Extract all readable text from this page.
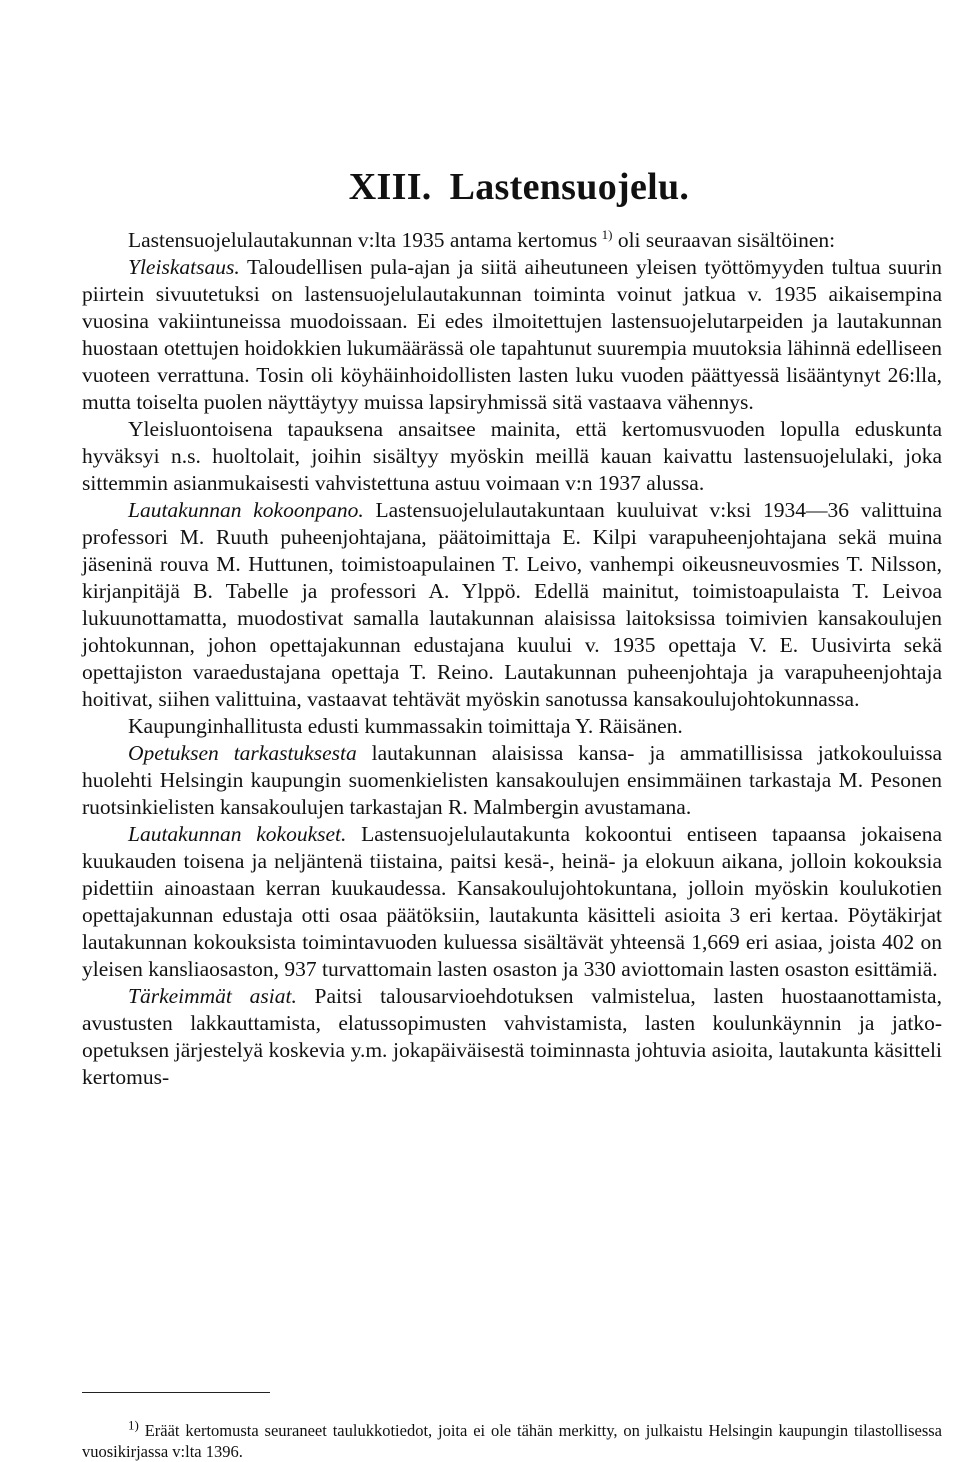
XIII. Lastensuojelu.

Lastensuojelulautakunnan v:lta 1935 antama kertomus  $^{1)}$ oli seuraavan sisältöinen:

Yleiskatsaus. Taloudellisen pula-ajan ja siitä aiheutuneen yleisen työttömyyden tultua suurin piirtein sivuutetuksi on lastensuojelulautakunnan toiminta voinut jatkua v. 1935 aikaisempina vuosina vakiintuneissa muodoissaan. Ei edes ilmoitettujen lastensuojelutarpeiden ja lautakunnan huostaan otettujen hoidokkien lukumäärässä ole tapahtunut suurempia muutoksia lähinnä edelliseen vuoteen verrattuna. Tosin oli köyhäinhoidollisten lasten luku vuoden päättyessä lisääntynyt 26:lla, mutta toiselta puolen näyttäytyy muissa lapsiryhmissä sitä vastaava vähennys.

Yleisluontoisena tapauksena ansaitsee mainita, että kertomusvuoden lopulla eduskunta hyväksyi n.s. huoltolait, joihin sisältyy myöskin meillä kauan kaivattu lastensuojelulaki, joka sittemmin asianmukaisesti vahvistettuna astuu voimaan v:n 1937 alussa.

Lautakunnan kokoonpano. Lastensuojelulautakuntaan kuuluivat v:ksi 1934—36 valittuina professori M. Ruuth puheenjohtajana, päätoimittaja E. Kilpi varapuheenjohtajana sekä muina jäseninä rouva M. Huttunen, toimistoapulainen T. Leivo, vanhempi oikeusneuvosmies T. Nilsson, kirjanpitäjä B. Tabelle ja professori A. Ylppö. Edellä mainitut, toimistoapulaista T. Leivoa lukuunottamatta, muodostivat samalla lautakunnan alaisissa laitoksissa toimivien kansakoulujen johtokunnan, johon opettajakunnan edustajana kuului v. 1935 opettaja V. E. Uusivirta sekä opettajiston varaedustajana opettaja T. Reino. Lautakunnan puheenjohtaja ja varapuheenjohtaja hoitivat, siihen valittuina, vastaavat tehtävät myöskin sanotussa kansakoulujohtokunnassa.

Kaupunginhallitusta edusti kummassakin toimittaja Y. Räisänen.

Opetuksen tarkastuksesta lautakunnan alaisissa kansa- ja ammatillisissa jatkokouluissa huolehti Helsingin kaupungin suomenkielisten kansakoulujen ensimmäinen tarkastaja M. Pesonen ruotsinkielisten kansakoulujen tarkastajan R. Malmbergin avustamana.

Lautakunnan kokoukset. Lastensuojelulautakunta kokoontui entiseen tapaansa jokaisena kuukauden toisena ja neljäntenä tiistaina, paitsi kesä-, heinä- ja elokuun aikana, jolloin kokouksia pidettiin ainoastaan kerran kuukaudessa. Kansakoulujohtokuntana, jolloin myöskin koulukotien opettajakunnan edustaja otti osaa päätöksiin, lautakunta käsitteli asioita 3 eri kertaa. Pöytäkirjat lautakunnan kokouksista toimintavuoden kuluessa sisältävät yhteensä 1,669 eri asiaa, joista 402 on yleisen kansliaosaston, 937 turvattomain lasten osaston ja 330 aviottomain lasten osaston esittämiä.

Tärkeimmät asiat. Paitsi talousarvioehdotuksen valmistelua, lasten huostaanottamista, avustusten lakkauttamista, elatussopimusten vahvistamista, lasten koulunkäynnin ja jatko-opetuksen järjestelyä koskevia y.m. jokapäiväisestä toiminnasta johtuvia asioita, lautakunta käsitteli kertomus-

$^{1)}$ Eräät kertomusta seuraneet taulukkotiedot, joita ei ole tähän merkitty, on julkaistu Helsingin kaupungin tilastollisessa vuosikirjassa v:lta 1396.
